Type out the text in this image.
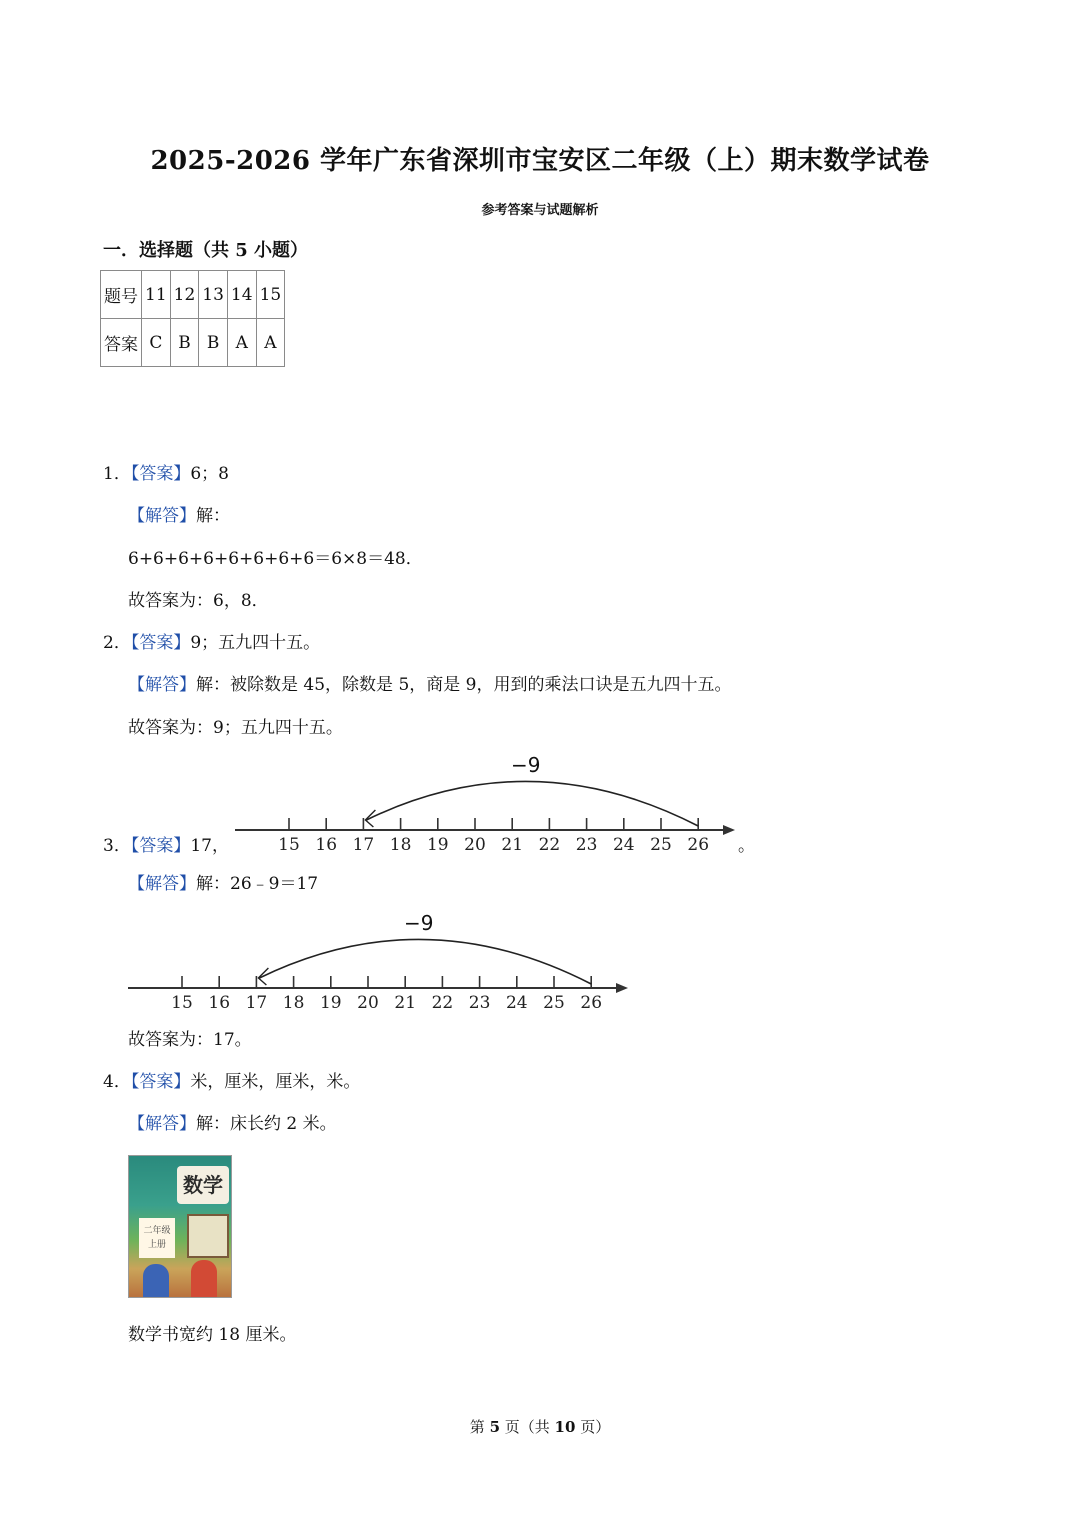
2025-2026 学年广东省深圳市宝安区二年级（上）期末数学试卷
参考答案与试题解析
一．选择题（共 5 小题）
题号	11	12	13	14	15
答案	C	B	B	A	A
1．【答案】6；8
【解答】解：
6+6+6+6+6+6+6+6＝6×8＝48．
故答案为：6，8．
2．【答案】9；五九四十五。
【解答】解：被除数是 45，除数是 5，商是 9，用到的乘法口诀是五九四十五。
故答案为：9；五九四十五。
3．【答案】17，	15 16 17 18 19 20 21 22 23 24 25 26
−9
。
【解答】解：26﹣9＝17
15 16 17 18 19 20 21 22 23 24 25 26
−9
故答案为：17。
4．【答案】米，厘米，厘米，米。
【解答】解：床长约 2 米。
数学
二年级 上册
数学书宽约 18 厘米。
第 5 页（共 10 页）
